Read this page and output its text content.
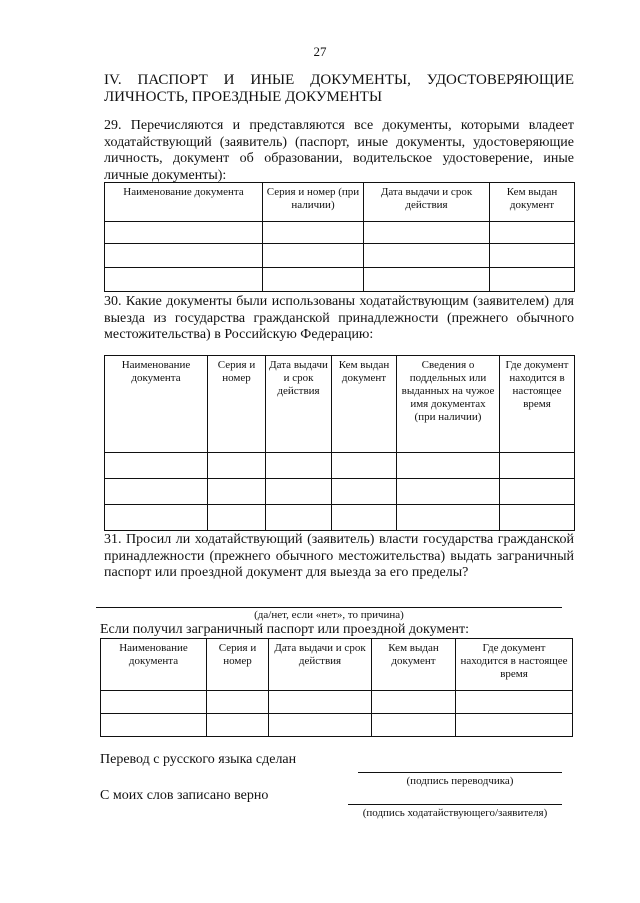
27
IV. ПАСПОРТ И ИНЫЕ ДОКУМЕНТЫ, УДОСТОВЕРЯЮЩИЕ ЛИЧНОСТЬ, ПРОЕЗДНЫЕ ДОКУМЕНТЫ
29. Перечисляются и представляются все документы, которыми владеет ходатайствующий (заявитель) (паспорт, иные документы, удостоверяющие личность, документ об образовании, водительское удостоверение, иные личные документы):
Наименование документа	Серия и номер (при наличии)	Дата выдачи и срок действия	Кем выдан документ

30. Какие документы были использованы ходатайствующим (заявителем) для выезда из государства гражданской принадлежности (прежнего обычного местожительства) в Российскую Федерацию:
Наименование документа	Серия и номер	Дата выдачи и срок действия	Кем выдан документ	Сведения о поддельных или выданных на чужое имя документах (при наличии)	Где документ находится в настоящее время

31. Просил ли ходатайствующий (заявитель) власти государства гражданской принадлежности (прежнего обычного местожительства) выдать заграничный паспорт или проездной документ для выезда за его пределы?
(да/нет, если «нет», то причина)
Если получил заграничный паспорт или проездной документ:
Наименование документа	Серия и номер	Дата выдачи и срок действия	Кем выдан документ	Где документ находится в настоящее время

Перевод с русского языка сделан
(подпись переводчика)
С моих слов записано верно
(подпись ходатайствующего/заявителя)
